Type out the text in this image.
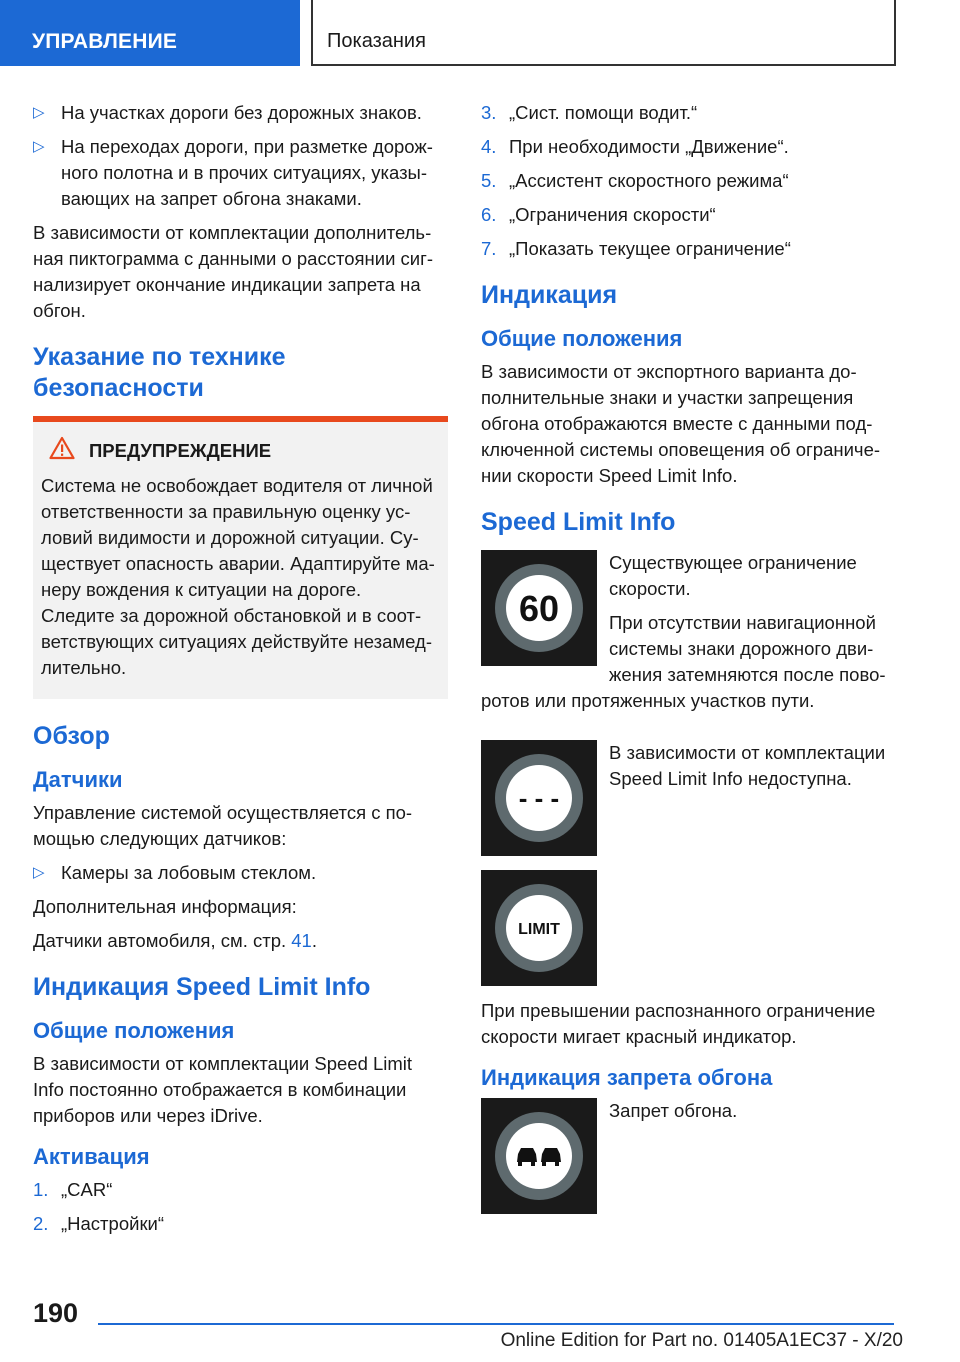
УПРАВЛЕНИЕ	Показания
▷ На участках дороги без дорожных знаков.
▷ На переходах дороги, при разметке дорож-ного полотна и в прочих ситуациях, указы-вающих на запрет обгона знаками.

В зависимости от комплектации дополнитель-ная пиктограмма с данными о расстоянии сиг-нализирует окончание индикации запрета на обгон.

Указание по технике безопасности
ПРЕДУПРЕЖДЕНИЕ

Система не освобождает водителя от личной ответственности за правильную оценку ус-ловий видимости и дорожной ситуации. Су-ществует опасность аварии. Адаптируйте ма-неру вождения к ситуации на дороге.

Следите за дорожной обстановкой и в соот-ветствующих ситуациях действуйте незамед-лительно.

Обзор
Датчики

Управление системой осуществляется с по-мощью следующих датчиков:

▷ Камеры за лобовым стеклом.

Дополнительная информация:

Датчики автомобиля, см. стр. 41.

Индикация Speed Limit Info
Общие положения

В зависимости от комплектации Speed Limit Info постоянно отображается в комбинации приборов или через iDrive.

Активация
1. „CAR“
2. „Настройки“
3. „Сист. помощи водит.“
4. При необходимости „Движение“.
5. „Ассистент скоростного режима“
6. „Ограничения скорости“
7. „Показать текущее ограничение“
Индикация
Общие положения

В зависимости от экспортного варианта до-полнительные знаки и участки запрещения обгона отображаются вместе с данными под-ключенной системы оповещения об ограниче-нии скорости Speed Limit Info.

Speed Limit Info
60

Существующее ограничение скорости.

При отсутствии навигационной системы знаки дорожного дви-жения затемняются после пово-ротов или протяженных участков пути.

- - -

В зависимости от комплектации Speed Limit Info недоступна.

LIMIT

При превышении распознанного ограничение скорости мигает красный индикатор.

Индикация запрета обгона

Запрет обгона.

190
Online Edition for Part no. 01405A1EC37 - X/20
